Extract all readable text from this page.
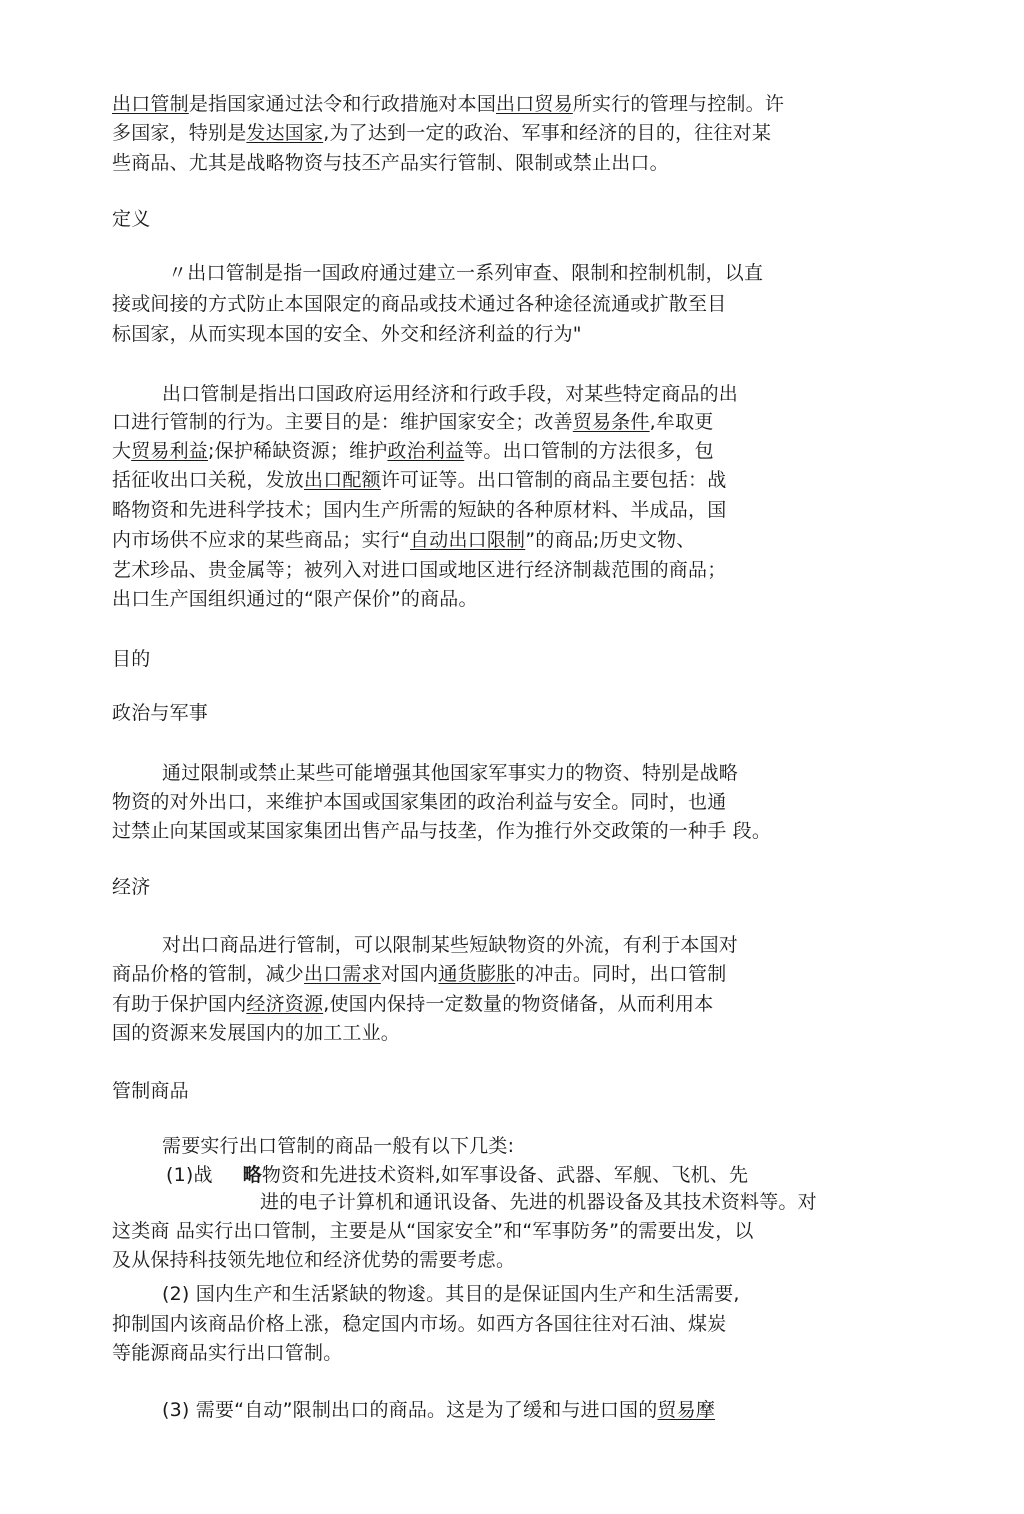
出口管制是指国家通过法令和行政措施对本国出口贸易所实行的管理与控制。许
多国家，特别是发达国家,为了达到一定的政治、军事和经济的目的，往往对某
些商品、尤其是战略物资与技丕产品实行管制、限制或禁止出口。
定义
〃出口管制是指一国政府通过建立一系列审查、限制和控制机制，以直
接或间接的方式防止本国限定的商品或技术通过各种途径流通或扩散至目
标国家，从而实现本国的安全、外交和经济利益的行为"
出口管制是指出口国政府运用经济和行政手段，对某些特定商品的出
口进行管制的行为。主要目的是：维护国家安全；改善贸易条件,牟取更
大贸易利益;保护稀缺资源；维护政治利益等。出口管制的方法很多，包
括征收出口关税，发放出口配额许可证等。出口管制的商品主要包括：战
略物资和先进科学技术；国内生产所需的短缺的各种原材料、半成品，国
内市场供不应求的某些商品；实行“自动出口限制”的商品;历史文物、
艺术珍品、贵金属等；被列入对进口国或地区进行经济制裁范围的商品；
出口生产国组织通过的“限产保价”的商品。
目的
政治与军事
通过限制或禁止某些可能增强其他国家军事实力的物资、特别是战略
物资的对外出口，来维护本国或国家集团的政治利益与安全。同时，也通
过禁止向某国或某国家集团出售产品与技垄，作为推行外交政策的一种手 段。
经济
对出口商品进行管制，可以限制某些短缺物资的外流，有利于本国对
商品价格的管制，减少出口需求对国内通货膨胀的冲击。同时，出口管制
有助于保护国内经济资源,使国内保持一定数量的物资储备，从而利用本
国的资源来发展国内的加工工业。
管制商品
需要实行出口管制的商品一般有以下几类:
(1)战 略物资和先进技术资料,如军事设备、武器、军舰、飞机、先
进的电子计算机和通讯设备、先进的机器设备及其技术资料等。对
这类商 品实行出口管制，主要是从“国家安全”和“军事防务”的需要出发，以
及从保持科技领先地位和经济优势的需要考虑。
(2) 国内生产和生活紧缺的物逡。其目的是保证国内生产和生活需要,
抑制国内该商品价格上涨，稳定国内市场。如西方各国往往对石油、煤炭
等能源商品实行出口管制。
(3) 需要“自动”限制出口的商品。这是为了缓和与进口国的贸易摩
